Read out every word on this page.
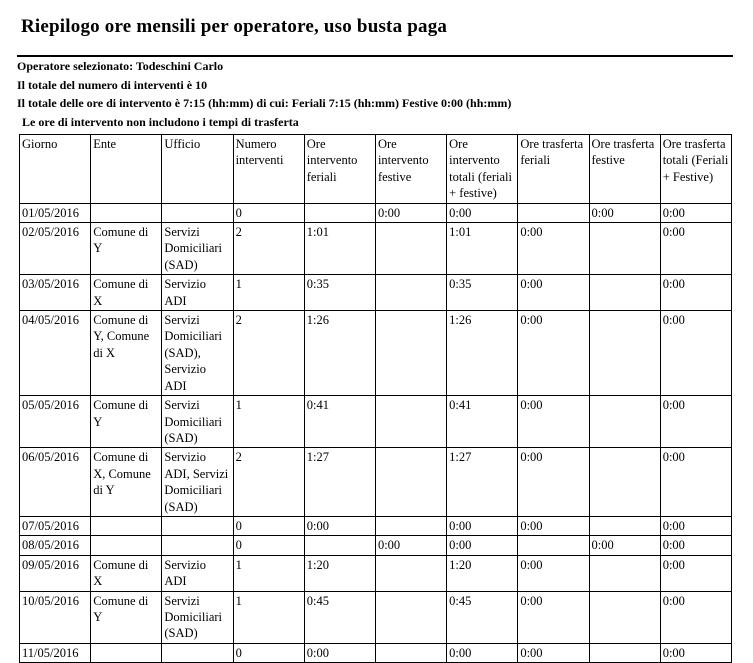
Riepilogo ore mensili per operatore, uso busta paga

Operatore selezionato: Todeschini Carlo

Il totale del numero di interventi è 10

Il totale delle ore di intervento è 7:15 (hh:mm) di cui: Feriali 7:15 (hh:mm) Festive 0:00 (hh:mm)

Le ore di intervento non includono i tempi di trasferta

Giorno	Ente	Ufficio	Numero interventi	Ore intervento feriali	Ore intervento festive	Ore intervento totali (feriali + festive)	Ore trasferta feriali	Ore trasferta festive	Ore trasferta totali (Feriali + Festive)
01/05/2016			0		0:00	0:00		0:00	0:00
02/05/2016	Comune di Y	Servizi Domiciliari (SAD)	2	1:01		1:01	0:00		0:00
03/05/2016	Comune di X	Servizio ADI	1	0:35		0:35	0:00		0:00
04/05/2016	Comune di Y, Comune di X	Servizi Domiciliari (SAD), Servizio ADI	2	1:26		1:26	0:00		0:00
05/05/2016	Comune di Y	Servizi Domiciliari (SAD)	1	0:41		0:41	0:00		0:00
06/05/2016	Comune di X, Comune di Y	Servizio ADI, Servizi Domiciliari (SAD)	2	1:27		1:27	0:00		0:00
07/05/2016			0	0:00		0:00	0:00		0:00
08/05/2016			0		0:00	0:00		0:00	0:00
09/05/2016	Comune di X	Servizio ADI	1	1:20		1:20	0:00		0:00
10/05/2016	Comune di Y	Servizi Domiciliari (SAD)	1	0:45		0:45	0:00		0:00
11/05/2016			0	0:00		0:00	0:00		0:00
